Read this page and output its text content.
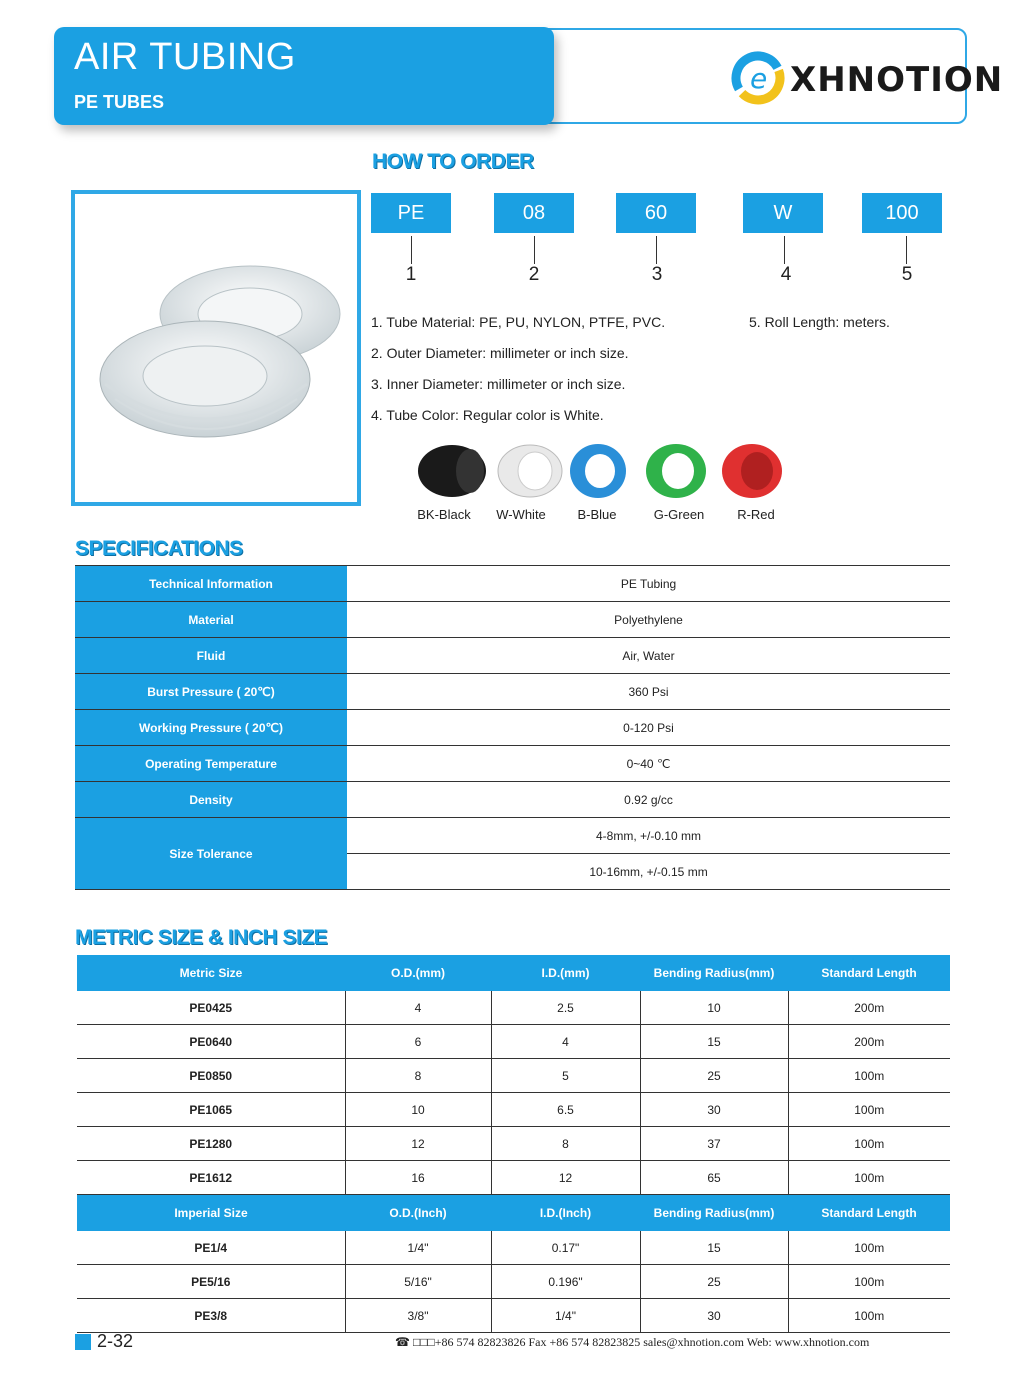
AIR TUBING
PE TUBES
e XHNOTION
HOW TO ORDER
PE	08	60	W	100
1	2	3	4	5
1. Tube Material: PE, PU, NYLON, PTFE, PVC.
2. Outer Diameter: millimeter or inch size.
3. Inner Diameter: millimeter or inch size.
4. Tube Color: Regular color is White.
5. Roll Length: meters.
BK-Black	W-White	B-Blue	G-Green	R-Red
SPECIFICATIONS
Technical Information	PE Tubing
Material	Polyethylene
Fluid	Air, Water
Burst Pressure ( 20℃)	360 Psi
Working Pressure ( 20℃)	0-120 Psi
Operating Temperature	0~40 ℃
Density	0.92 g/cc
Size Tolerance	4-8mm, +/-0.10 mm
	10-16mm, +/-0.15 mm
METRIC SIZE & INCH SIZE
Metric Size	O.D.(mm)	I.D.(mm)	Bending Radius(mm)	Standard Length
PE0425	4	2.5	10	200m
PE0640	6	4	15	200m
PE0850	8	5	25	100m
PE1065	10	6.5	30	100m
PE1280	12	8	37	100m
PE1612	16	12	65	100m
Imperial Size	O.D.(Inch)	I.D.(Inch)	Bending Radius(mm)	Standard Length
PE1/4	1/4"	0.17"	15	100m
PE5/16	5/16"	0.196"	25	100m
PE3/8	3/8"	1/4"	30	100m
2-32	☎ □□□+86 574 82823826 Fax +86 574 82823825 sales@xhnotion.com Web: www.xhnotion.com
